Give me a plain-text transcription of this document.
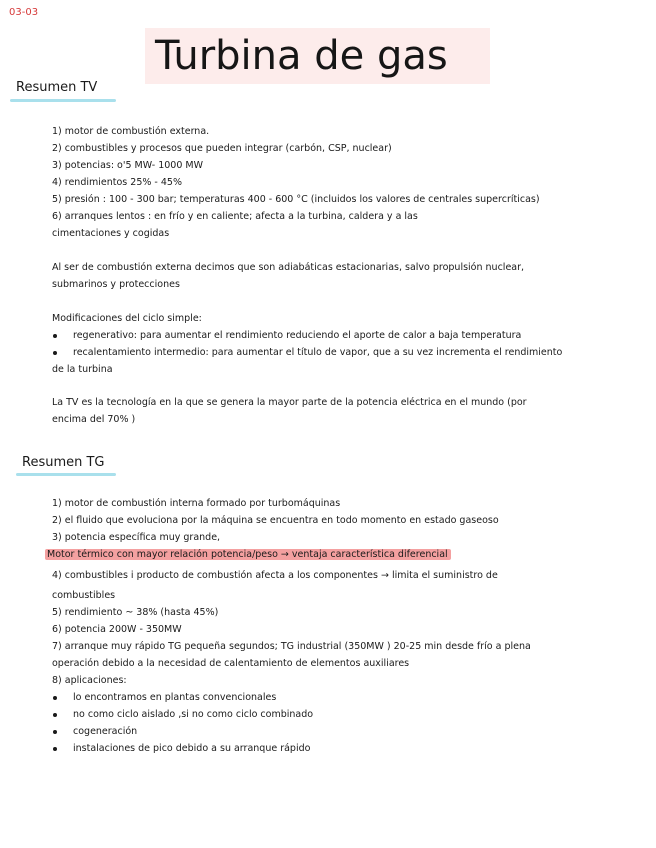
03-03
Turbina de gas
Resumen TV
1) motor de combustión externa.
2) combustibles y procesos que pueden integrar (carbón, CSP, nuclear)
3) potencias: o'5 MW- 1000 MW
4) rendimientos 25% - 45%
5) presión : 100 - 300 bar; temperaturas 400 - 600 °C (incluidos los valores de centrales supercríticas)
6) arranques lentos : en frío y en caliente; afecta a la turbina, caldera y a las
cimentaciones y cogidas
Al ser de combustión externa decimos que son adiabáticas estacionarias, salvo propulsión nuclear,
submarinos y protecciones
Modificaciones del ciclo simple:
regenerativo: para aumentar el rendimiento reduciendo el aporte de calor a baja temperatura
recalentamiento intermedio: para aumentar el título de vapor, que a su vez incrementa el rendimiento
de la turbina
La TV es la tecnología en la que se genera la mayor parte de la potencia eléctrica en el mundo (por
encima del 70% )
Resumen TG
1) motor de combustión interna formado por turbomáquinas
2) el fluido que evoluciona por la máquina se encuentra en todo momento en estado gaseoso
3) potencia específica muy grande,
Motor térmico con mayor relación potencia/peso → ventaja característica diferencial
4) combustibles i producto de combustión afecta a los componentes → limita el suministro de
combustibles
5) rendimiento ~ 38% (hasta 45%)
6) potencia 200W - 350MW
7) arranque muy rápido TG pequeña segundos; TG industrial (350MW ) 20-25 min desde frío a plena
operación debido a la necesidad de calentamiento de elementos auxiliares
8) aplicaciones:
lo encontramos en plantas convencionales
no como ciclo aislado ,si no como ciclo combinado
cogeneración
instalaciones de pico debido a su arranque rápido
